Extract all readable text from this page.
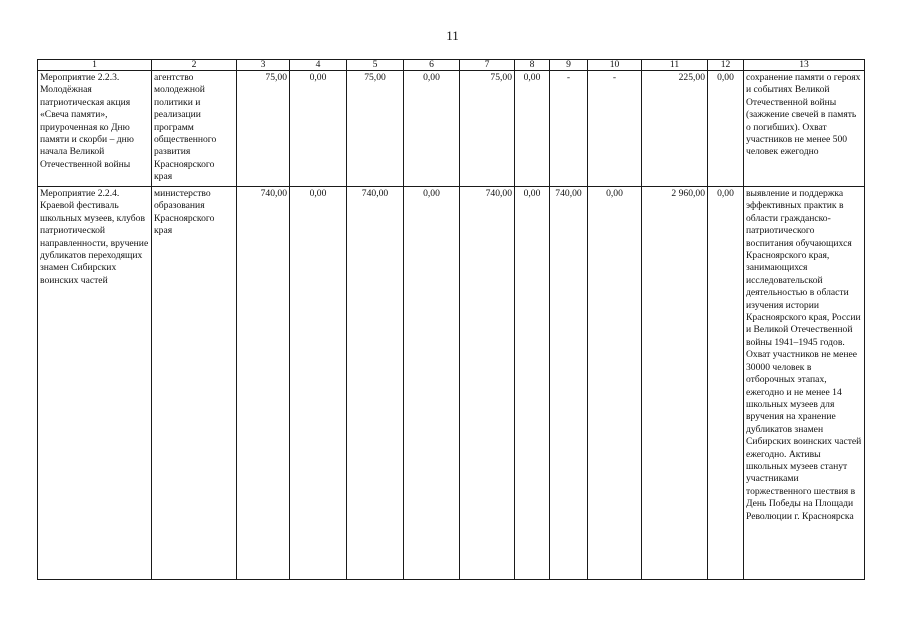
11
1	2	3	4	5	6	7	8	9	10	11	12	13
Мероприятие 2.2.3. Молодёжная патриотическая акция «Свеча памяти», приуроченная ко Дню памяти и скорби – дню начала Великой Отечественной войны	агентство молодежной политики и реализации программ общественного развития Красноярского края	75,00	0,00	75,00	0,00	75,00	0,00	-	-	225,00	0,00	сохранение памяти о героях и событиях Великой Отечественной войны (зажжение свечей в память о погибших). Охват участников не менее 500 человек ежегодно
Мероприятие 2.2.4. Краевой фестиваль школьных музеев, клубов патриотической направленности, вручение дубликатов переходящих знамен Сибирских воинских частей	министерство образования Красноярского края	740,00	0,00	740,00	0,00	740,00	0,00	740,00	0,00	2 960,00	0,00	выявление и поддержка эффективных практик в области гражданско-патриотического воспитания обучающихся Красноярского края, занимающихся исследовательской деятельностью в области изучения истории Красноярского края, России и Великой Отечественной войны 1941–1945 годов. Охват участников не менее 30000 человек в отборочных этапах, ежегодно и не менее 14 школьных музеев для вручения на хранение дубликатов знамен Сибирских воинских частей ежегодно. Активы школьных музеев станут участниками торжественного шествия в День Победы на Площади Революции г. Красноярска
